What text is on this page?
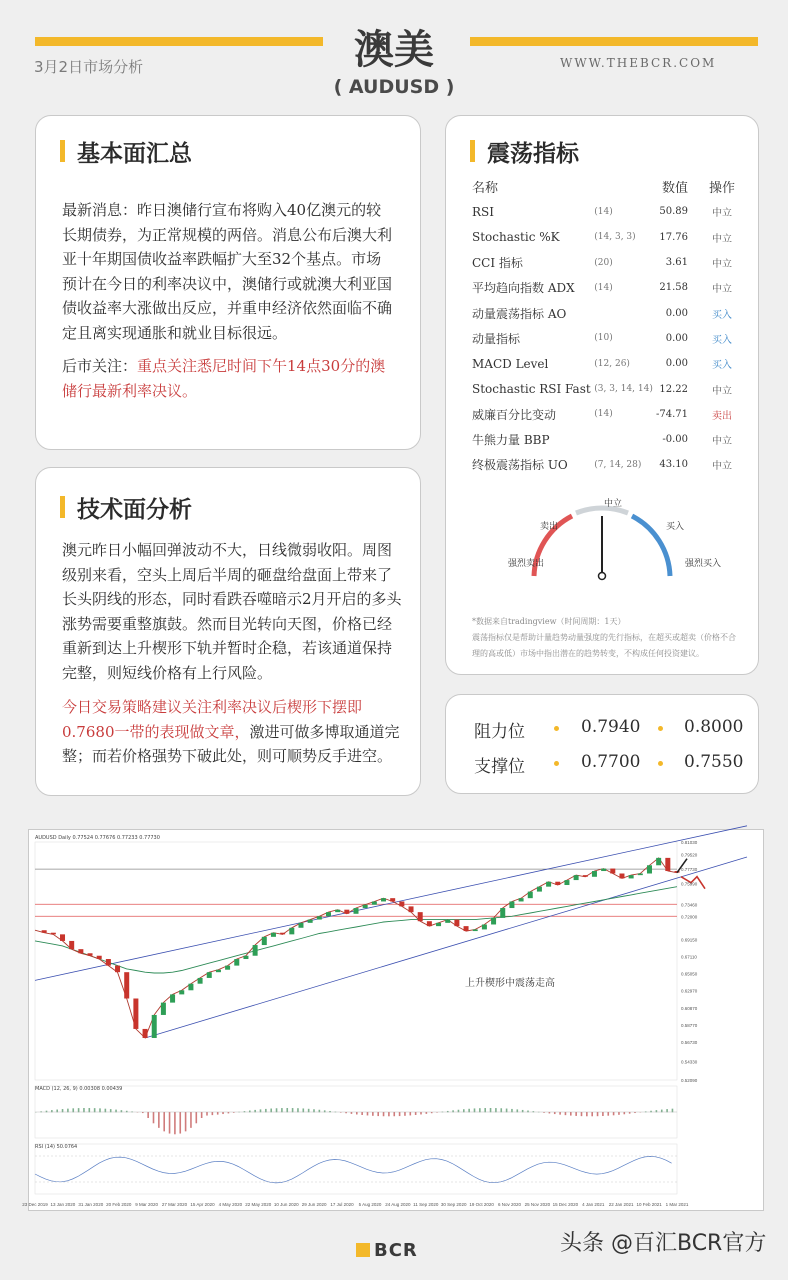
澳美
( AUDUSD )
3月2日市场分析	WWW.THEBCR.COM
基本面汇总
最新消息：昨日澳储行宣布将购入40亿澳元的较长期债券，为正常规模的两倍。消息公布后澳大利亚十年期国债收益率跌幅扩大至32个基点。市场预计在今日的利率决议中，澳储行或就澳大利亚国债收益率大涨做出反应，并重申经济依然面临不确定且离实现通胀和就业目标很远。
后市关注：重点关注悉尼时间下午14点30分的澳储行最新利率决议。
技术面分析
澳元昨日小幅回弹波动不大，日线微弱收阳。周图级别来看，空头上周后半周的砸盘给盘面上带来了长头阴线的形态，同时看跌吞噬暗示2月开启的多头涨势需要重整旗鼓。然而目光转向天图，价格已经重新到达上升楔形下轨并暂时企稳，若该通道保持完整，则短线价格有上行风险。
今日交易策略建议关注利率决议后楔形下摆即0.7680一带的表现做文章，激进可做多博取通道完整；而若价格强势下破此处，则可顺势反手进空。
震荡指标
名称		数值	操作
RSI	(14)	50.89	中立
Stochastic %K	(14, 3, 3)	17.76	中立
CCI 指标	(20)	3.61	中立
平均趋向指数 ADX	(14)	21.58	中立
动量震荡指标 AO		0.00	买入
动量指标	(10)	0.00	买入
MACD Level	(12, 26)	0.00	买入
Stochastic RSI Fast	(3, 3, 14, 14)	12.22	中立
威廉百分比变动	(14)	-74.71	卖出
牛熊力量 BBP		-0.00	中立
终极震荡指标 UO	(7, 14, 28)	43.10	中立
中立
卖出	买入
强烈卖出	强烈买入
*数据来自tradingview（时间周期：1天）
震荡指标仅是帮助计量趋势动量强度的先行指标，在超买或超卖（价格不合理的高或低）市场中指出潜在的趋势转变，不构成任何投资建议。
阻力位	0.7940	0.8000
支撑位	0.7700	0.7550
AUDUSD Daily 0.77524 0.77676 0.77233 0.77730
0.81030
0.79520
0.77730
0.75990
0.73460
0.72000
0.69150
0.67110
0.65050
0.62970
0.60870
0.58770
0.56730
0.54330
0.52090
23 Dec 2019 13 Jan 2020 31 Jan 2020 20 Feb 2020 9 Mar 2020 27 Mar 2020 15 Apr 2020 4 May 2020 22 May 2020 10 Jun 2020 29 Jun 2020 17 Jul 2020 5 Aug 2020 24 Aug 2020 11 Sep 2020 30 Sep 2020 19 Oct 2020 6 Nov 2020 25 Nov 2020 15 Dec 2020 4 Jan 2021 22 Jan 2021 10 Feb 2021 1 Mar 2021
上升楔形中震荡走高
MACD (12, 26, 9) 0.00308 0.00439
RSI (14) 50.0764
BCR	头条 @百汇BCR官方
